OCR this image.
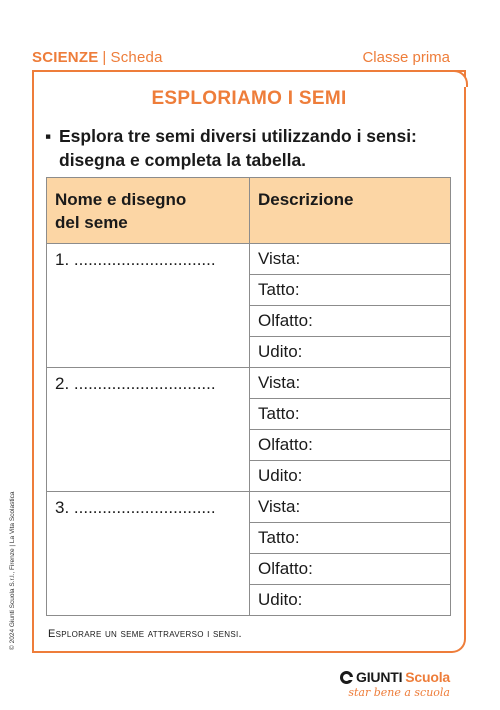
SCIENZE | Scheda	Classe prima
ESPLORIAMO I SEMI
▪ Esplora tre semi diversi utilizzando i sensi:
disegna e completa la tabella.
Nome e disegno
del seme	Descrizione
1. ..............................	Vista:
	Tatto:
	Olfatto:
	Udito:
2. ..............................	Vista:
	Tatto:
	Olfatto:
	Udito:
3. ..............................	Vista:
	Tatto:
	Olfatto:
	Udito:
Esplorare un seme attraverso i sensi.
© 2024 Giunti Scuola S.r.l., Firenze | La Vita Scolastica
GIUNTI Scuola
star bene a scuola
